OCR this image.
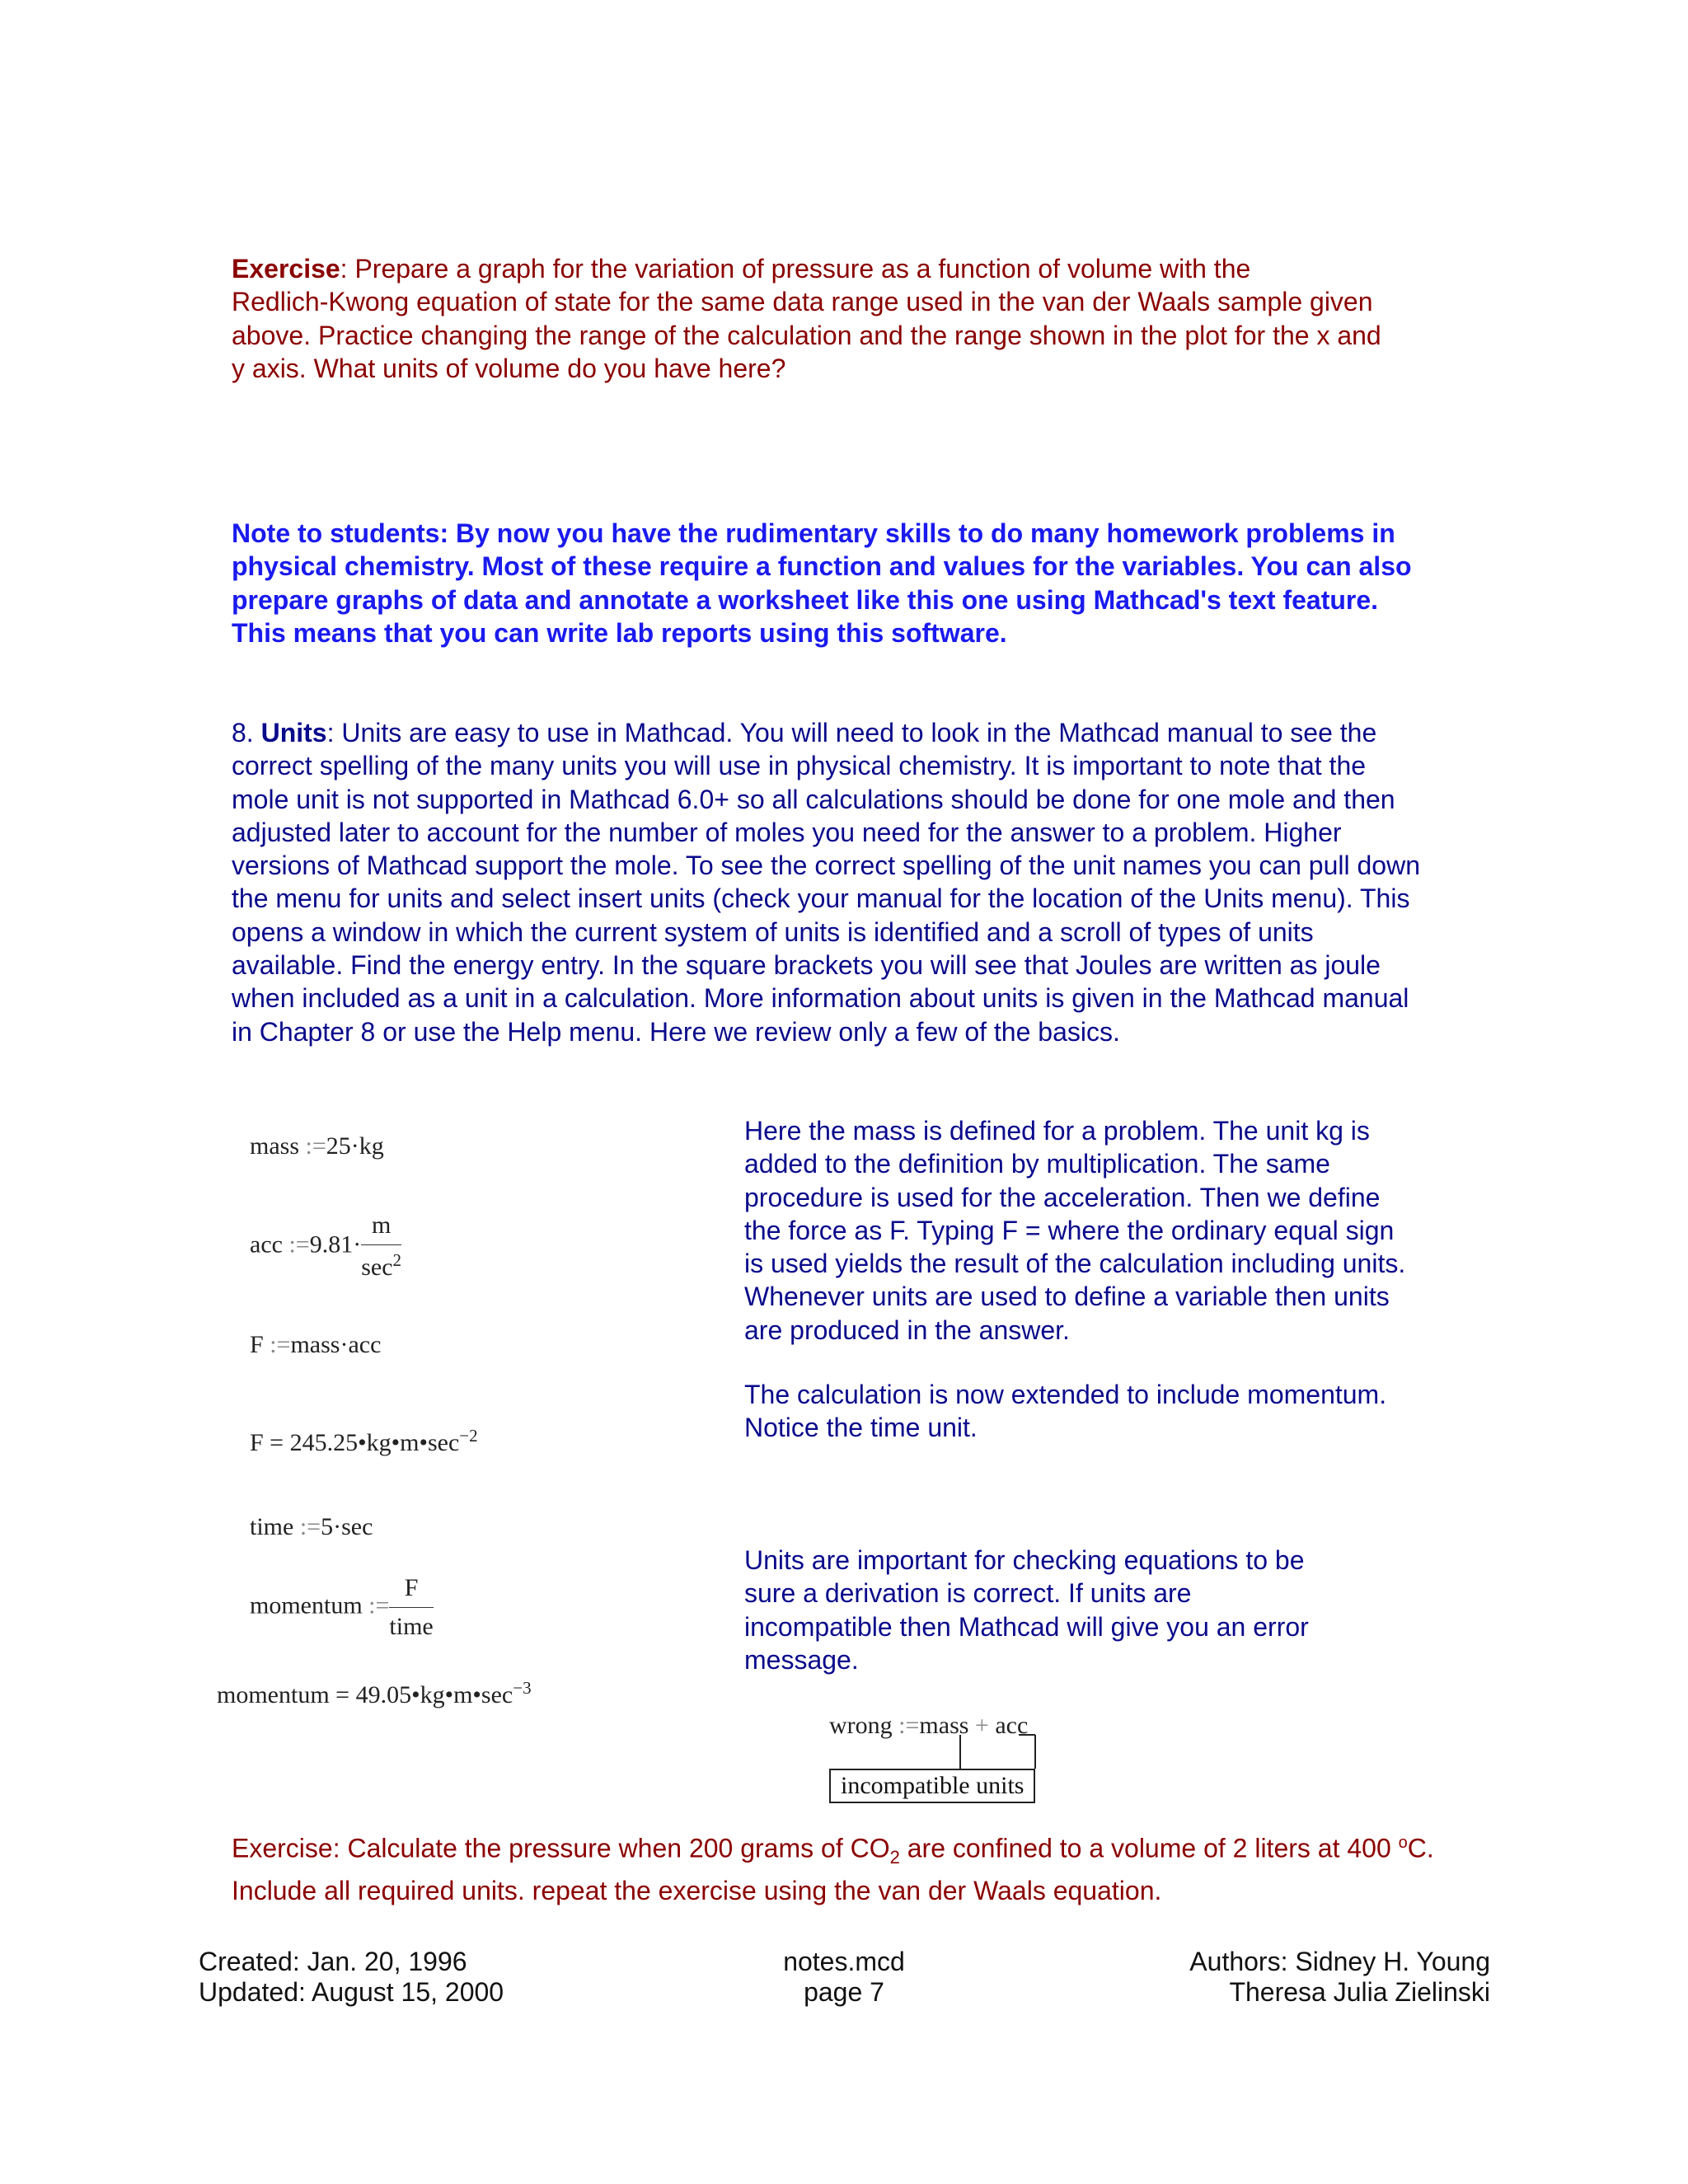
Exercise: Prepare a graph for the variation of pressure as a function of volume with the
Redlich-Kwong equation of state for the same data range used in the van der Waals sample given
above. Practice changing the range of the calculation and the range shown in the plot for the x and
y axis. What units of volume do you have here?
Note to students: By now you have the rudimentary skills to do many homework problems in
physical chemistry. Most of these require a function and values for the variables. You can also
prepare graphs of data and annotate a worksheet like this one using Mathcad's text feature.
This means that you can write lab reports using this software.
8. Units: Units are easy to use in Mathcad. You will need to look in the Mathcad manual to see the
correct spelling of the many units you will use in physical chemistry. It is important to note that the
mole unit is not supported in Mathcad 6.0+ so all calculations should be done for one mole and then
adjusted later to account for the number of moles you need for the answer to a problem. Higher
versions of Mathcad support the mole. To see the correct spelling of the unit names you can pull down
the menu for units and select insert units (check your manual for the location of the Units menu). This
opens a window in which the current system of units is identified and a scroll of types of units
available. Find the energy entry. In the square brackets you will see that Joules are written as joule
when included as a unit in a calculation. More information about units is given in the Mathcad manual
in Chapter 8 or use the Help menu. Here we review only a few of the basics.
mass :=25·kg
acc :=9.81· $\frac{m}{\sec^2}$
F :=mass·acc
$F = 245.25•kg•m•\sec^{-2}$
time :=5·sec
momentum := $\frac{F}{\text{time}}$
momentum = $49.05•kg•m•\sec^{-3}$
Here the mass is defined for a problem. The unit kg is
added to the definition by multiplication. The same
procedure is used for the acceleration. Then we define
the force as F. Typing F = where the ordinary equal sign
is used yields the result of the calculation including units.
Whenever units are used to define a variable then units
are produced in the answer.
The calculation is now extended to include momentum.
Notice the time unit.
Units are important for checking equations to be
sure a derivation is correct. If units are
incompatible then Mathcad will give you an error
message.
wrong :=mass + acc
incompatible units
Exercise: Calculate the pressure when 200 grams of $CO_2$ are confined to a volume of 2 liters at 400 $^o$C.
Include all required units. repeat the exercise using the van der Waals equation.
Created: Jan. 20, 1996
Updated: August 15, 2000
notes.mcd
page 7
Authors: Sidney H. Young
Theresa Julia Zielinski
